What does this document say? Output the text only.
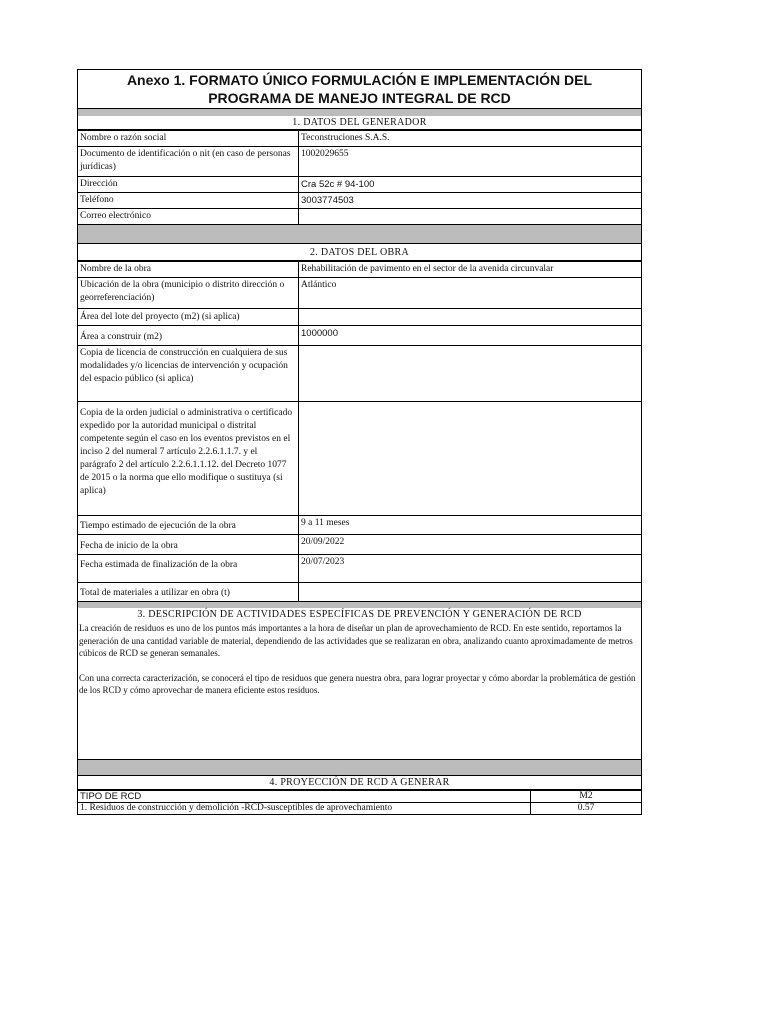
Anexo 1. FORMATO ÚNICO FORMULACIÓN E IMPLEMENTACIÓN DEL PROGRAMA DE MANEJO INTEGRAL DE RCD
1. DATOS DEL GENERADOR
Nombre o razón social	Teconstruciones S.A.S.
Documento de identificación o nit (en caso de personas jurídicas)	1002029655
Dirección	Cra 52c # 94-100
Teléfono	3003774503
Correo electrónico	
2. DATOS DEL OBRA
Nombre de la obra	Rehabilitación de pavimento en el sector de la avenida circunvalar
Ubicación de la obra (municipio o distrito dirección o georreferenciación)	Atlántico
Área del lote del proyecto (m2) (si aplica)	
Área a construir (m2)	1000000
Copia de licencia de construcción en cualquiera de sus modalidades y/o licencias de intervención y ocupación del espacio público (si aplica)	
Copia de la orden judicial o administrativa o certificado expedido por la autoridad municipal o distrital competente según el caso en los eventos previstos en el inciso 2 del numeral 7 artículo 2.2.6.1.1.7. y el parágrafo 2 del artículo 2.2.6.1.1.12. del Decreto 1077 de 2015 o la norma que ello modifique o sustituya (si aplica)	
Tiempo estimado de ejecución de la obra	9 a 11 meses
Fecha de inicio de la obra	20/09/2022
Fecha estimada de finalización de la obra	20/07/2023
Total de materiales a utilizar en obra (t)	
3. DESCRIPCIÓN DE ACTIVIDADES ESPECÍFICAS DE PREVENCIÓN Y GENERACIÓN DE RCD

La creación de residuos es uno de los puntos más importantes a la hora de diseñar un plan de aprovechamiento de RCD. En este sentido, reportamos la generación de una cantidad variable de material, dependiendo de las actividades que se realizaran en obra, analizando cuanto aproximadamente de metros cúbicos de RCD se generan semanales.

Con una correcta caracterización, se conocerá el tipo de residuos que genera nuestra obra, para lograr proyectar y cómo abordar la problemática de gestión de los RCD y cómo aprovechar de manera eficiente estos residuos.

4. PROYECCIÓN DE RCD A GENERAR
TIPO DE RCD	M2
1. Residuos de construcción y demolición -RCD-susceptibles de aprovechamiento	0.57
